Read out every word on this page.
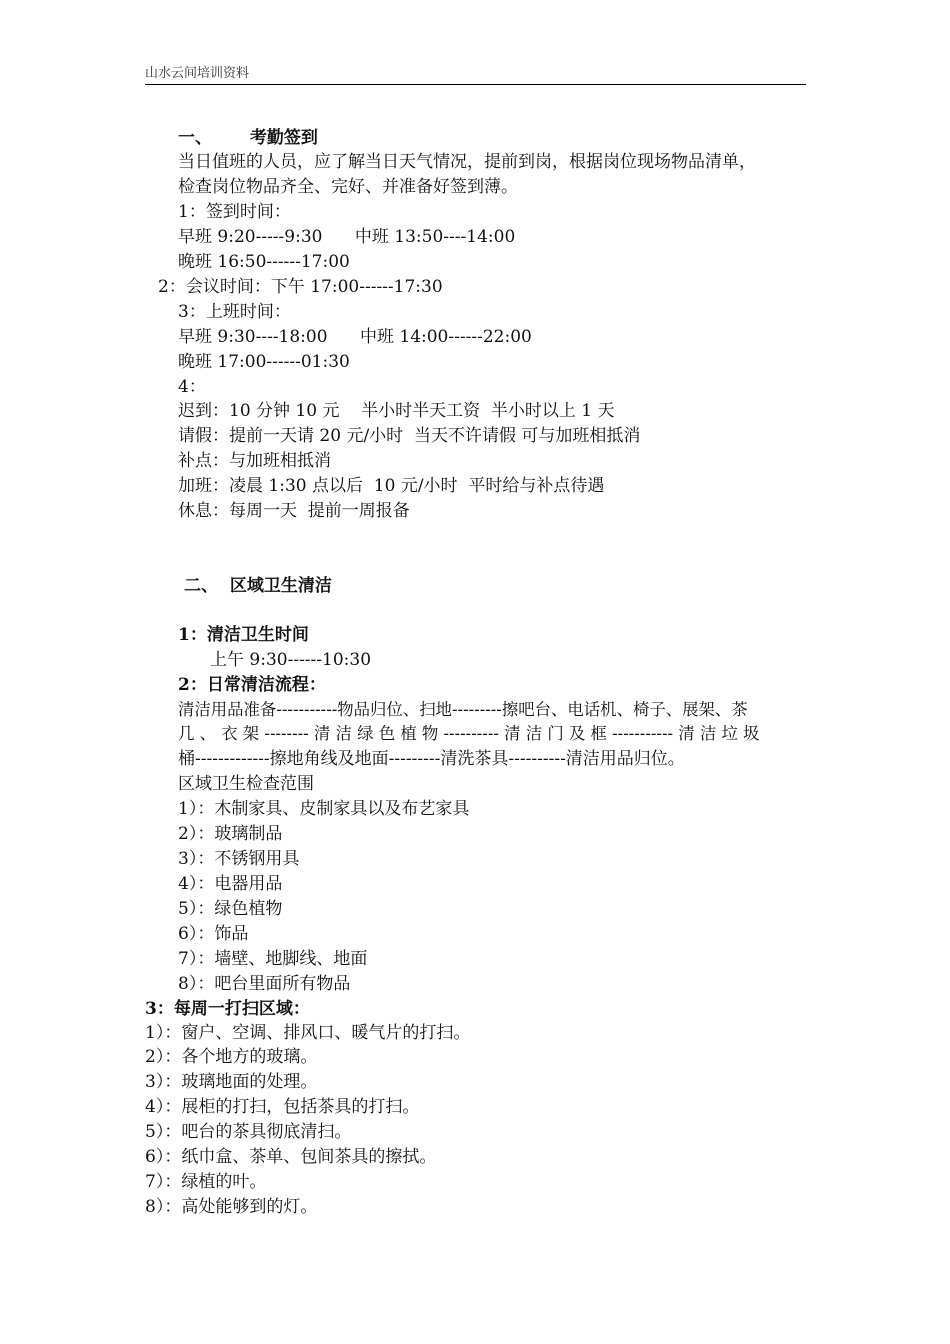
山水云间培训资料
一、 考勤签到
当日值班的人员，应了解当日天气情况，提前到岗，根据岗位现场物品清单，
检查岗位物品齐全、完好、并准备好签到薄。
1：签到时间：
早班 9:20-----9:30      中班 13:50----14:00
晚班 16:50------17:00
2：会议时间：下午 17:00------17:30
3：上班时间：
早班 9:30----18:00      中班 14:00------22:00
晚班 17:00------01:30
4：
迟到：10 分钟 10 元    半小时半天工资  半小时以上 1 天
请假：提前一天请 20 元/小时  当天不许请假 可与加班相抵消
补点：与加班相抵消
加班：凌晨 1:30 点以后  10 元/小时  平时给与补点待遇
休息：每周一天  提前一周报备
二、  区域卫生清洁
1：清洁卫生时间
上午 9:30------10:30
2：日常清洁流程：
清洁用品准备-----------物品归位、扫地---------擦吧台、电话机、椅子、展架、茶
几 、 衣 架 -------- 清 洁 绿 色 植 物 ---------- 清 洁 门 及 框 ----------- 清 洁 垃 圾
桶-------------擦地角线及地面---------清洗茶具----------清洁用品归位。
区域卫生检查范围
1）：木制家具、皮制家具以及布艺家具
2）：玻璃制品
3）：不锈钢用具
4）：电器用品
5）：绿色植物
6）：饰品
7）：墙壁、地脚线、地面
8）：吧台里面所有物品
3：每周一打扫区域：
1）：窗户、空调、排风口、暖气片的打扫。
2）：各个地方的玻璃。
3）：玻璃地面的处理。
4）：展柜的打扫，包括茶具的打扫。
5）：吧台的茶具彻底清扫。
6）：纸巾盒、茶单、包间茶具的擦拭。
7）：绿植的叶。
8）：高处能够到的灯。
